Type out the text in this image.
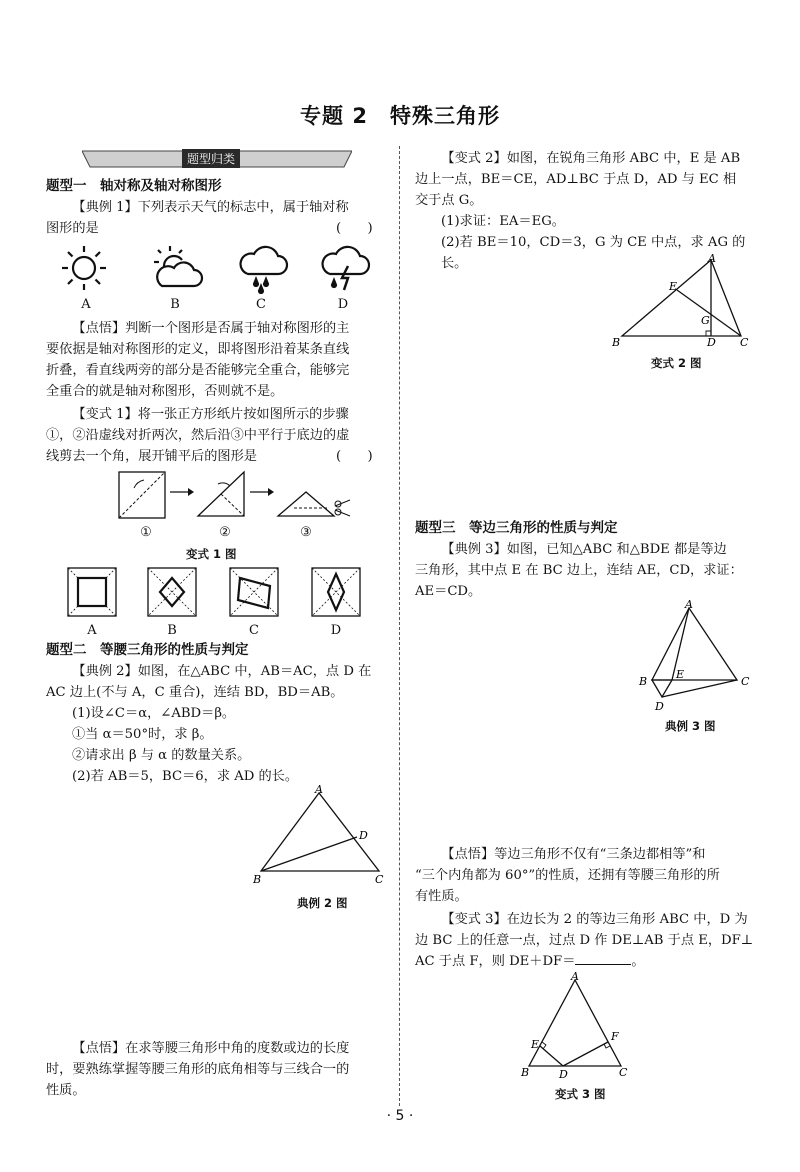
专题 2　特殊三角形
题型归类
题型一　轴对称及轴对称图形
【典例 1】下列表示天气的标志中，属于轴对称
图形的是	(　　)
A	B	C	D
【点悟】判断一个图形是否属于轴对称图形的主
要依据是轴对称图形的定义，即将图形沿着某条直线
折叠，看直线两旁的部分是否能够完全重合，能够完
全重合的就是轴对称图形，否则就不是。
【变式 1】将一张正方形纸片按如图所示的步骤
①，②沿虚线对折两次，然后沿③中平行于底边的虚
线剪去一个角，展开铺平后的图形是	(　　)
①	②	③
变式 1 图
A	B	C	D
题型二　等腰三角形的性质与判定
【典例 2】如图，在△ABC 中，AB＝AC，点 D 在
AC 边上(不与 A，C 重合)，连结 BD，BD＝AB。
(1)设∠C＝α，∠ABD＝β。
①当 α＝50°时，求 β。
②请求出 β 与 α 的数量关系。
(2)若 AB＝5，BC＝6，求 AD 的长。
A
B	C
D
典例 2 图
【点悟】在求等腰三角形中角的度数或边的长度
时，要熟练掌握等腰三角形的底角相等与三线合一的
性质。
【变式 2】如图，在锐角三角形 ABC 中，E 是 AB
边上一点，BE＝CE，AD⊥BC 于点 D，AD 与 EC 相
交于点 G。
(1)求证：EA＝EG。
(2)若 BE＝10，CD＝3，G 为 CE 中点，求 AG 的长。	A
B	C
D
E
G
变式 2 图
题型三　等边三角形的性质与判定
【典例 3】如图，已知△ABC 和△BDE 都是等边
三角形，其中点 E 在 BC 边上，连结 AE，CD，求证：
AE＝CD。
A
B	C
D
E
典例 3 图
【点悟】等边三角形不仅有“三条边都相等”和
“三个内角都为 60°”的性质，还拥有等腰三角形的所
有性质。
【变式 3】在边长为 2 的等边三角形 ABC 中，D 为
边 BC 上的任意一点，过点 D 作 DE⊥AB 于点 E，DF⊥
AC 于点 F，则 DE＋DF＝	。
A
B	C
D
E
F
变式 3 图
· 5 ·
